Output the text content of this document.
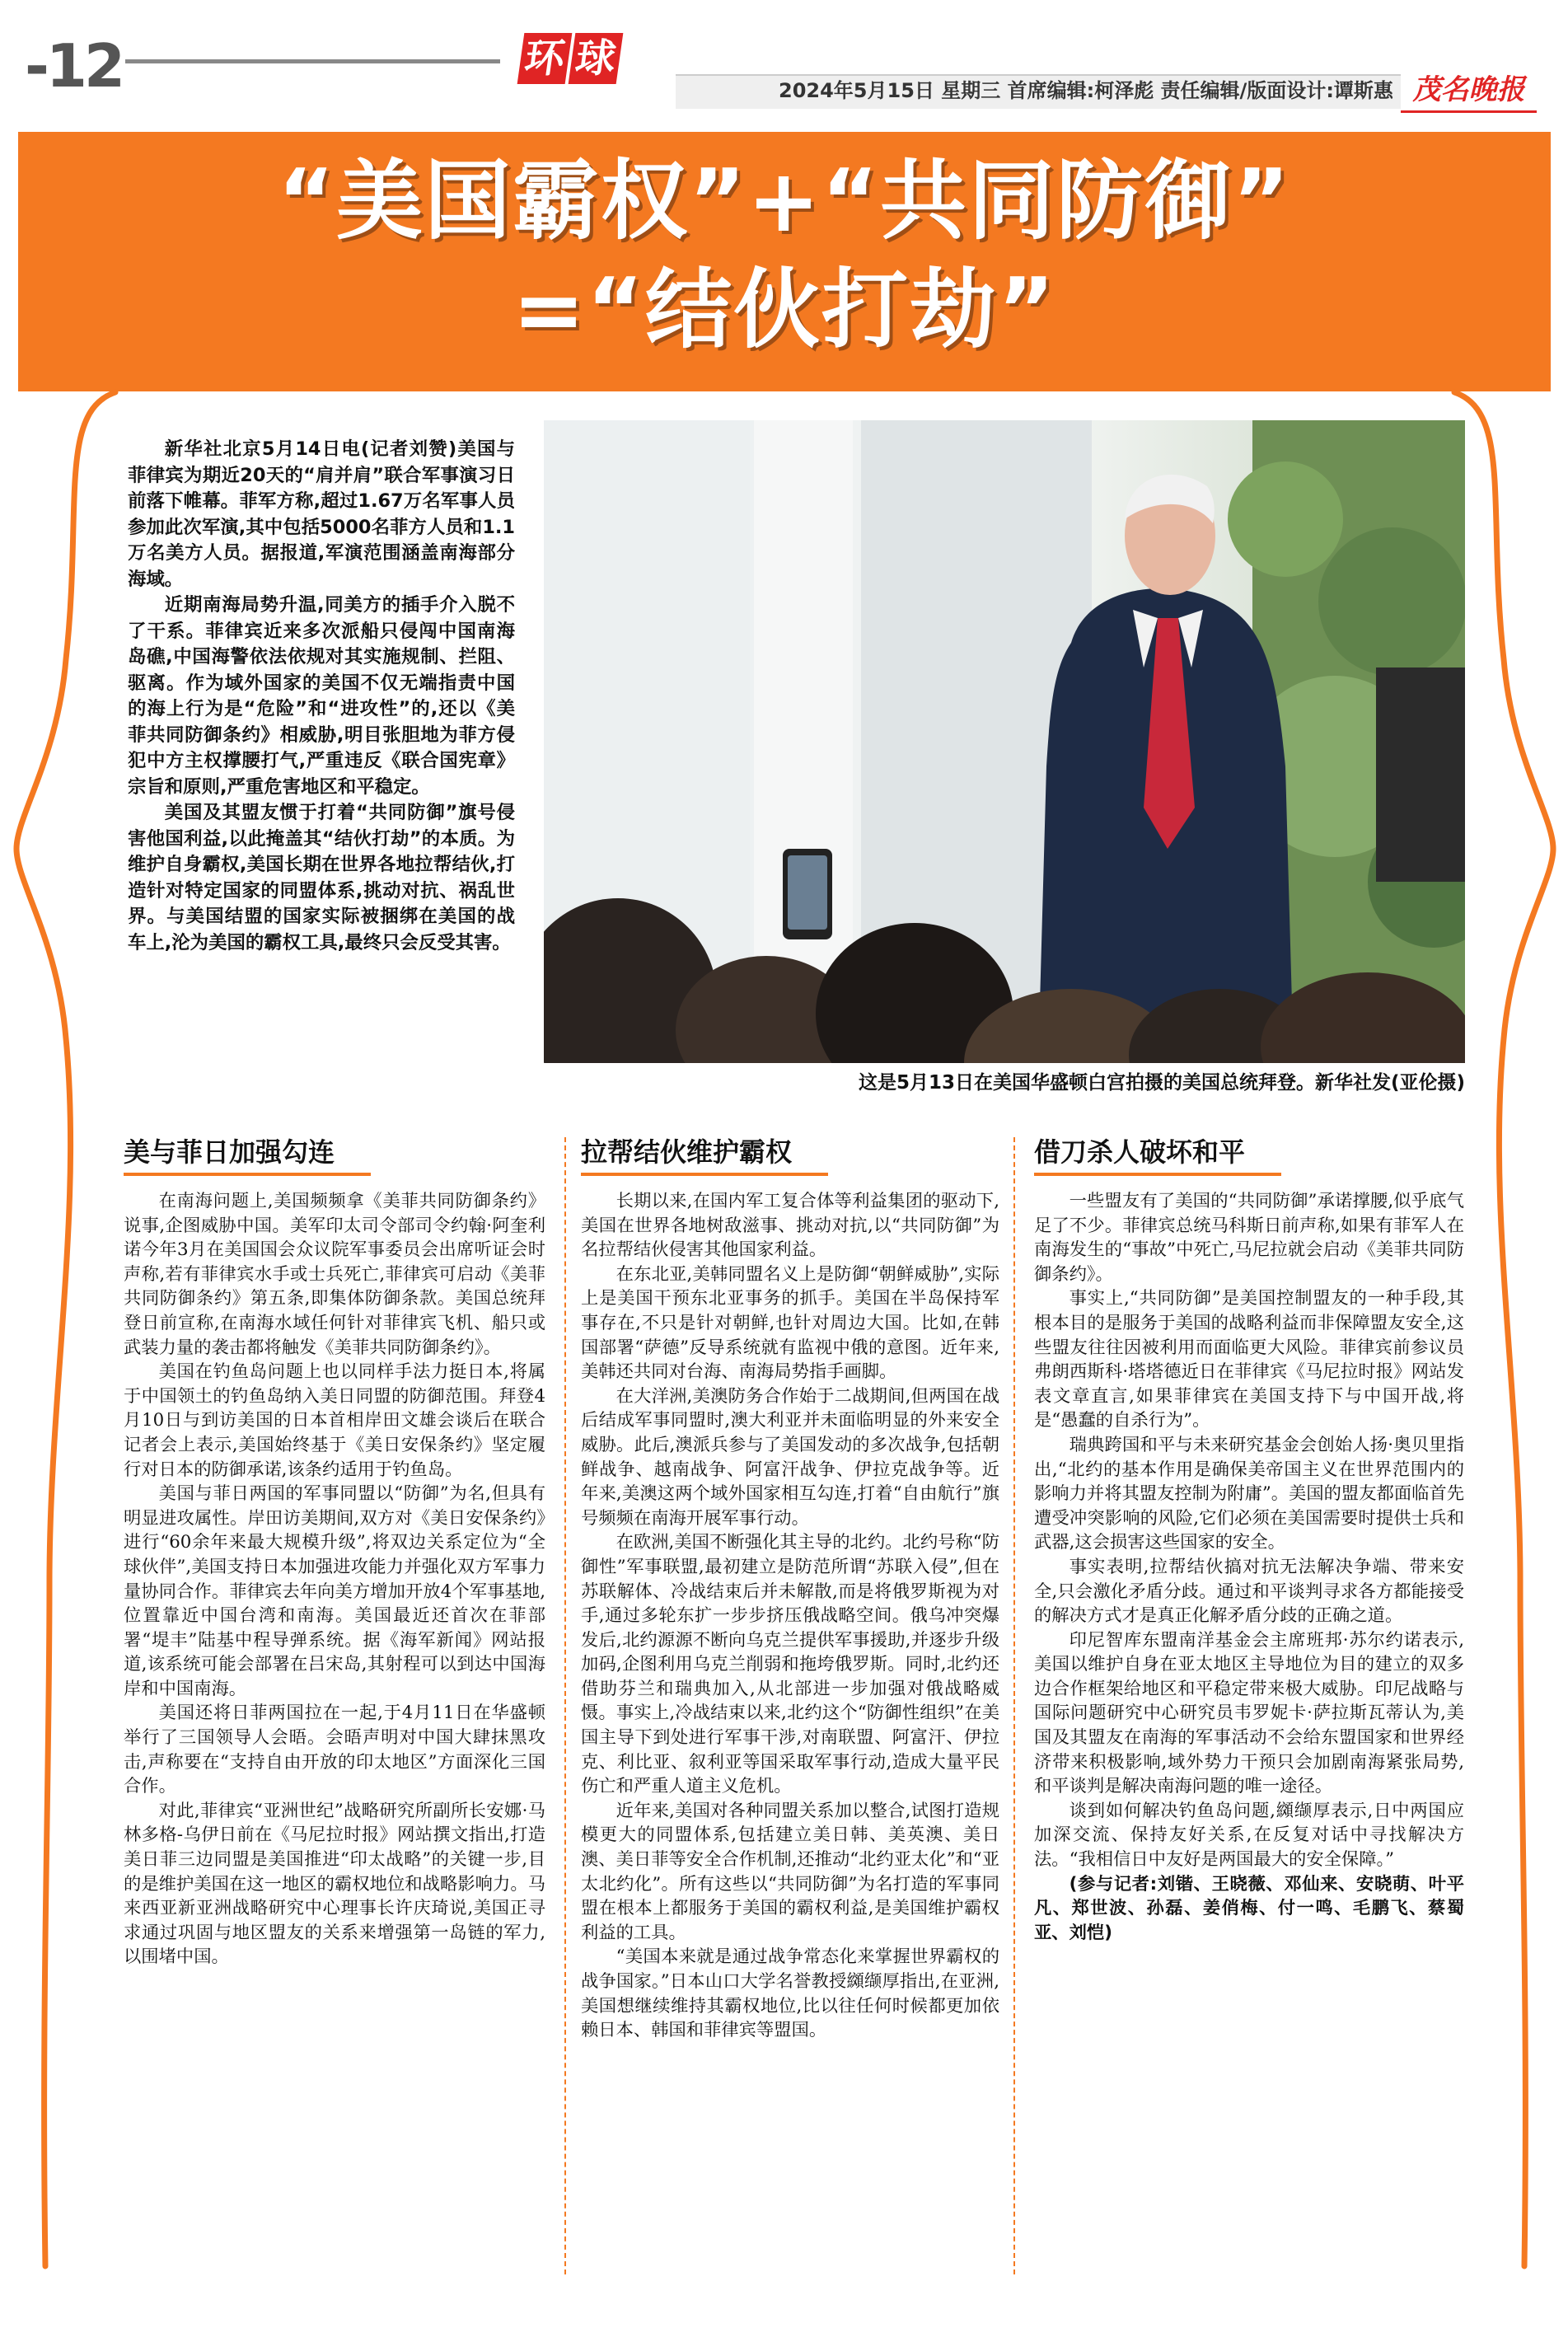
-12	环 球
2024年5月15日 星期三 首席编辑:柯泽彪 责任编辑/版面设计:谭斯惠 茂名晚报
“美国霸权”+“共同防御”
=“结伙打劫”

新华社北京5月14日电(记者刘赞)美国与菲律宾为期近20天的“肩并肩”联合军事演习日前落下帷幕。菲军方称,超过1.67万名军事人员参加此次军演,其中包括5000名菲方人员和1.1万名美方人员。据报道,军演范围涵盖南海部分海域。

近期南海局势升温,同美方的插手介入脱不了干系。菲律宾近来多次派船只侵闯中国南海岛礁,中国海警依法依规对其实施规制、拦阻、驱离。作为域外国家的美国不仅无端指责中国的海上行为是“危险”和“进攻性”的,还以《美菲共同防御条约》相威胁,明目张胆地为菲方侵犯中方主权撑腰打气,严重违反《联合国宪章》宗旨和原则,严重危害地区和平稳定。

美国及其盟友惯于打着“共同防御”旗号侵害他国利益,以此掩盖其“结伙打劫”的本质。为维护自身霸权,美国长期在世界各地拉帮结伙,打造针对特定国家的同盟体系,挑动对抗、祸乱世界。与美国结盟的国家实际被捆绑在美国的战车上,沦为美国的霸权工具,最终只会反受其害。

这是5月13日在美国华盛顿白宫拍摄的美国总统拜登。新华社发(亚伦摄)
美与菲日加强勾连

在南海问题上,美国频频拿《美菲共同防御条约》说事,企图威胁中国。美军印太司令部司令约翰·阿奎利诺今年3月在美国国会众议院军事委员会出席听证会时声称,若有菲律宾水手或士兵死亡,菲律宾可启动《美菲共同防御条约》第五条,即集体防御条款。美国总统拜登日前宣称,在南海水域任何针对菲律宾飞机、船只或武装力量的袭击都将触发《美菲共同防御条约》。

美国在钓鱼岛问题上也以同样手法力挺日本,将属于中国领土的钓鱼岛纳入美日同盟的防御范围。拜登4月10日与到访美国的日本首相岸田文雄会谈后在联合记者会上表示,美国始终基于《美日安保条约》坚定履行对日本的防御承诺,该条约适用于钓鱼岛。

美国与菲日两国的军事同盟以“防御”为名,但具有明显进攻属性。岸田访美期间,双方对《美日安保条约》进行“60余年来最大规模升级”,将双边关系定位为“全球伙伴”,美国支持日本加强进攻能力并强化双方军事力量协同合作。菲律宾去年向美方增加开放4个军事基地,位置靠近中国台湾和南海。美国最近还首次在菲部署“堤丰”陆基中程导弹系统。据《海军新闻》网站报道,该系统可能会部署在吕宋岛,其射程可以到达中国海岸和中国南海。

美国还将日菲两国拉在一起,于4月11日在华盛顿举行了三国领导人会晤。会晤声明对中国大肆抹黑攻击,声称要在“支持自由开放的印太地区”方面深化三国合作。

对此,菲律宾“亚洲世纪”战略研究所副所长安娜·马林多格-乌伊日前在《马尼拉时报》网站撰文指出,打造美日菲三边同盟是美国推进“印太战略”的关键一步,目的是维护美国在这一地区的霸权地位和战略影响力。马来西亚新亚洲战略研究中心理事长许庆琦说,美国正寻求通过巩固与地区盟友的关系来增强第一岛链的军力,以围堵中国。

拉帮结伙维护霸权

长期以来,在国内军工复合体等利益集团的驱动下,美国在世界各地树敌滋事、挑动对抗,以“共同防御”为名拉帮结伙侵害其他国家利益。

在东北亚,美韩同盟名义上是防御“朝鲜威胁”,实际上是美国干预东北亚事务的抓手。美国在半岛保持军事存在,不只是针对朝鲜,也针对周边大国。比如,在韩国部署“萨德”反导系统就有监视中俄的意图。近年来,美韩还共同对台海、南海局势指手画脚。

在大洋洲,美澳防务合作始于二战期间,但两国在战后结成军事同盟时,澳大利亚并未面临明显的外来安全威胁。此后,澳派兵参与了美国发动的多次战争,包括朝鲜战争、越南战争、阿富汗战争、伊拉克战争等。近年来,美澳这两个域外国家相互勾连,打着“自由航行”旗号频频在南海开展军事行动。

在欧洲,美国不断强化其主导的北约。北约号称“防御性”军事联盟,最初建立是防范所谓“苏联入侵”,但在苏联解体、冷战结束后并未解散,而是将俄罗斯视为对手,通过多轮东扩一步步挤压俄战略空间。俄乌冲突爆发后,北约源源不断向乌克兰提供军事援助,并逐步升级加码,企图利用乌克兰削弱和拖垮俄罗斯。同时,北约还借助芬兰和瑞典加入,从北部进一步加强对俄战略威慑。事实上,冷战结束以来,北约这个“防御性组织”在美国主导下到处进行军事干涉,对南联盟、阿富汗、伊拉克、利比亚、叙利亚等国采取军事行动,造成大量平民伤亡和严重人道主义危机。

近年来,美国对各种同盟关系加以整合,试图打造规模更大的同盟体系,包括建立美日韩、美英澳、美日澳、美日菲等安全合作机制,还推动“北约亚太化”和“亚太北约化”。所有这些以“共同防御”为名打造的军事同盟在根本上都服务于美国的霸权利益,是美国维护霸权利益的工具。

“美国本来就是通过战争常态化来掌握世界霸权的战争国家。”日本山口大学名誉教授纐缬厚指出,在亚洲,美国想继续维持其霸权地位,比以往任何时候都更加依赖日本、韩国和菲律宾等盟国。

借刀杀人破坏和平

一些盟友有了美国的“共同防御”承诺撑腰,似乎底气足了不少。菲律宾总统马科斯日前声称,如果有菲军人在南海发生的“事故”中死亡,马尼拉就会启动《美菲共同防御条约》。

事实上,“共同防御”是美国控制盟友的一种手段,其根本目的是服务于美国的战略利益而非保障盟友安全,这些盟友往往因被利用而面临更大风险。菲律宾前参议员弗朗西斯科·塔塔德近日在菲律宾《马尼拉时报》网站发表文章直言,如果菲律宾在美国支持下与中国开战,将是“愚蠢的自杀行为”。

瑞典跨国和平与未来研究基金会创始人扬·奥贝里指出,“北约的基本作用是确保美帝国主义在世界范围内的影响力并将其盟友控制为附庸”。美国的盟友都面临首先遭受冲突影响的风险,它们必须在美国需要时提供士兵和武器,这会损害这些国家的安全。

事实表明,拉帮结伙搞对抗无法解决争端、带来安全,只会激化矛盾分歧。通过和平谈判寻求各方都能接受的解决方式才是真正化解矛盾分歧的正确之道。

印尼智库东盟南洋基金会主席班邦·苏尔约诺表示,美国以维护自身在亚太地区主导地位为目的建立的双多边合作框架给地区和平稳定带来极大威胁。印尼战略与国际问题研究中心研究员韦罗妮卡·萨拉斯瓦蒂认为,美国及其盟友在南海的军事活动不会给东盟国家和世界经济带来积极影响,域外势力干预只会加剧南海紧张局势,和平谈判是解决南海问题的唯一途径。

谈到如何解决钓鱼岛问题,纐缬厚表示,日中两国应加深交流、保持友好关系,在反复对话中寻找解决方法。“我相信日中友好是两国最大的安全保障。”

(参与记者:刘锴、王晓薇、邓仙来、安晓萌、叶平凡、郑世波、孙磊、姜俏梅、付一鸣、毛鹏飞、蔡蜀亚、刘恺)
